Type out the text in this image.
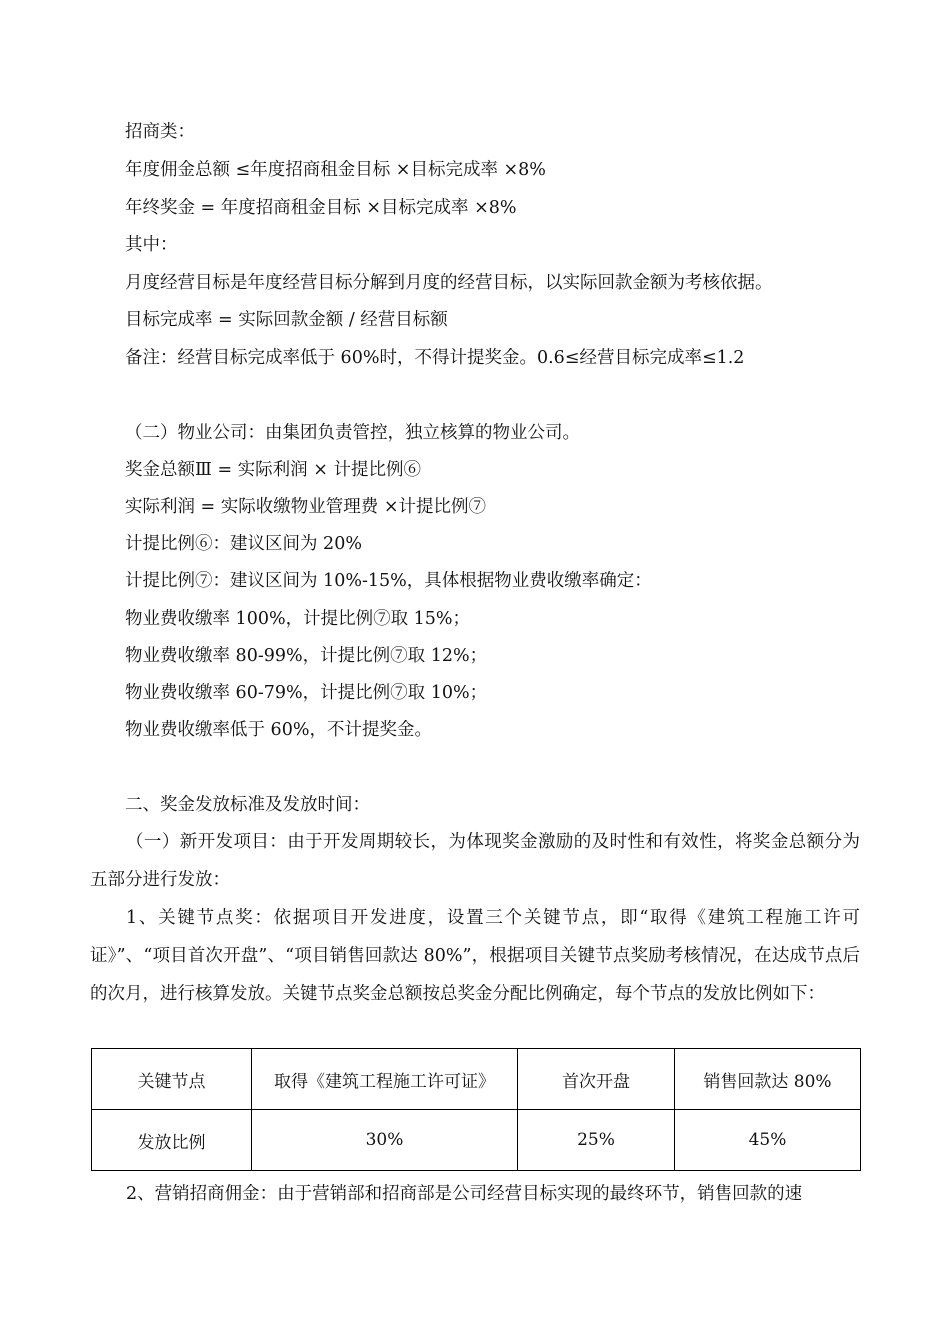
招商类：
年度佣金总额 ≤年度招商租金目标 ×目标完成率 ×8%
年终奖金 = 年度招商租金目标 ×目标完成率 ×8%
其中：
月度经营目标是年度经营目标分解到月度的经营目标，以实际回款金额为考核依据。
目标完成率 = 实际回款金额 / 经营目标额
备注：经营目标完成率低于 60%时，不得计提奖金。0.6≤经营目标完成率≤1.2
（二）物业公司：由集团负责管控，独立核算的物业公司。
奖金总额Ⅲ = 实际利润 × 计提比例⑥
实际利润 = 实际收缴物业管理费 ×计提比例⑦
计提比例⑥：建议区间为 20%
计提比例⑦：建议区间为 10%-15%，具体根据物业费收缴率确定：
物业费收缴率 100%，计提比例⑦取 15%；
物业费收缴率 80-99%，计提比例⑦取 12%；
物业费收缴率 60-79%，计提比例⑦取 10%；
物业费收缴率低于 60%，不计提奖金。
二、奖金发放标准及发放时间：
（一）新开发项目：由于开发周期较长，为体现奖金激励的及时性和有效性，将奖金总额分为五部分进行发放：
1、关键节点奖：依据项目开发进度，设置三个关键节点，即“取得《建筑工程施工许可证》”、“项目首次开盘”、“项目销售回款达 80%”，根据项目关键节点奖励考核情况，在达成节点后的次月，进行核算发放。关键节点奖金总额按总奖金分配比例确定，每个节点的发放比例如下：
关键节点	取得《建筑工程施工许可证》	首次开盘	销售回款达 80%
发放比例	30%	25%	45%
2、营销招商佣金：由于营销部和招商部是公司经营目标实现的最终环节，销售回款的速
